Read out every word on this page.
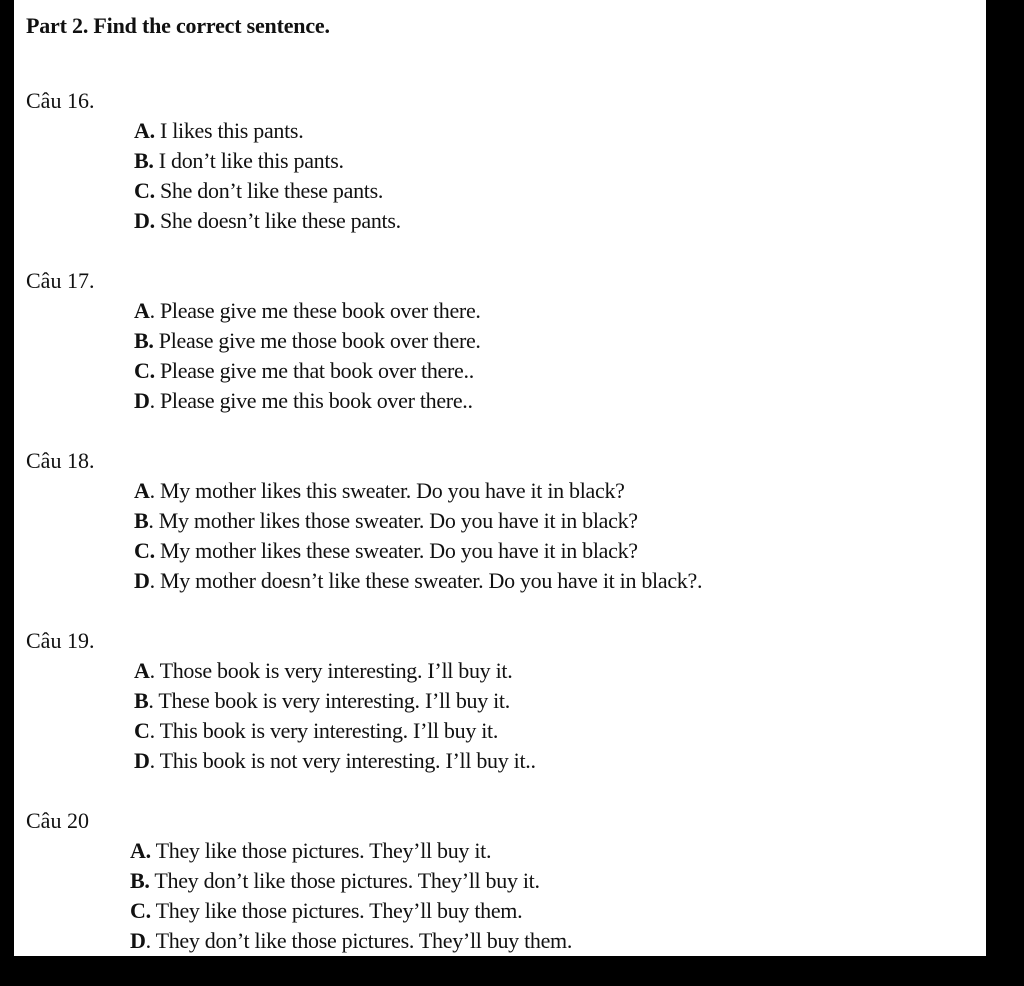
Part 2. Find the correct sentence.
Câu 16.
A. I likes this pants.
B. I don’t like this pants.
C. She don’t like these pants.
D. She doesn’t like these pants.
Câu 17.
A. Please give me these book over there.
B. Please give me those book over there.
C. Please give me that book over there..
D. Please give me this book over there..
Câu 18.
A. My mother likes this sweater. Do you have it in black?
B. My mother likes those sweater. Do you have it in black?
C. My mother likes these sweater. Do you have it in black?
D. My mother doesn’t like these sweater. Do you have it in black?.
Câu 19.
A. Those book is very interesting. I’ll buy it.
B. These book is very interesting. I’ll buy it.
C. This book is very interesting. I’ll buy it.
D. This book is not very interesting. I’ll buy it..
Câu 20
A. They like those pictures. They’ll buy it.
B. They don’t like those pictures. They’ll buy it.
C. They like those pictures. They’ll buy them.
D. They don’t like those pictures. They’ll buy them.
